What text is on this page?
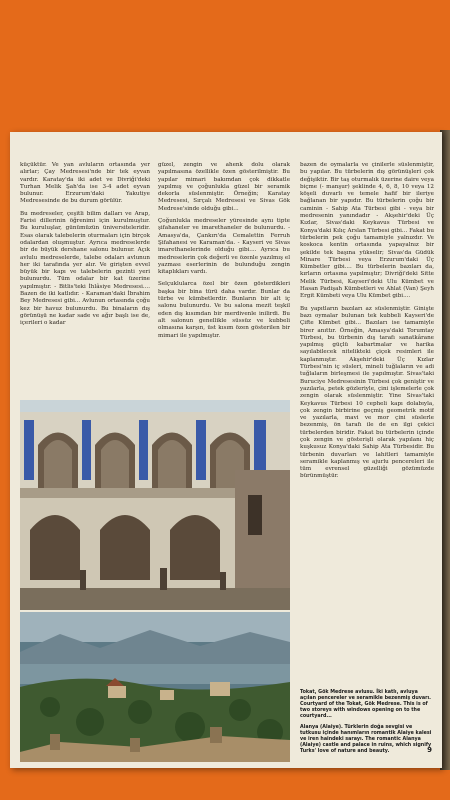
küçüktür. Ve yan avluların ortasında yer alırlar; Çay Medresesi'nde bir tek eyvan vardır. Karatay'da iki adet ve Divriği'deki Turhan Melik Şah'da ise 3-4 adet eyvan bulunur. Erzurum'daki Yakutiye Medresesinde de bu durum görülür.

Bu medreseler, çeşitli bilim dalları ve Arap, Farisi dillerinin öğrenimi için kurulmuştur. Bu kuruluşlar, günümüzün üniversiteleridir. Esas olarak talebelerin oturmaları için birçok odalardan oluşmuştur. Ayrıca medreselerde bir de büyük dershane salonu bulunur. Açık avlulu medreselerde, talebe odaları avlunun her iki tarafında yer alır. Ve girişten evvel büyük bir kapı ve talebelerin gezinti yeri bulunurdu. Tüm odalar bir kat üzerine yapılmıştır. - Bitlis'teki İhlâsiye Medresesi.... Bazen de iki katlıdır. - Karaman'daki İbrahim Bey Medresesi gibi... Avlunun ortasında çoğu kez bir havuz bulunurdu. Bu binaların dış görünüşü ne kadar sade ve ağır başlı ise de, içerileri o kadar

güzel, zengin ve ahenk dolu olarak yapılmasına özellikle özen gösterilmiştir. Bu yapılar mimari bakımdan çok dikkatle yapılmış ve çoğunlukla güzel bir seramik dekorla süslenmiştir. Örneğin; Karatay Medresesi, Sırçalı Medresesi ve Sivas Gök Medrese'sinde olduğu gibi...

Çoğunlukla medreseler yüresinde aynı tipte şifahaneler ve imarethaneler de bulunurdu. - Amasya'da, Çankırı'da Cemalettin Ferruh Şifahanesi ve Karaman'da. - Kayseri ve Sivas imarethanelerinde olduğu gibi.... Ayrıca bu medreselerin çok değerli ve özenle yazılmış el yazması eserlerinin de bulunduğu zengin kitaplıkları vardı.

Selçuklularca özel bir özen gösterdikleri başka bir bina türü daha vardır. Bunlar da türbe ve kümbetlerdir. Bunların bir alt iç salonu bulunurdu. Ve bu salona mezit teşkil eden dış kısımdan bir merdivenle inilirdi. Bu alt salonun genellikle süssüz ve kubbeli olmasına karşın, üst kısım özen gösterilen bir mimari ile yapılmıştır.

bazen de oymalarla ve çinilerle süslenmiştir, bu yapılar. Bu türbelerin dış görünüşleri çok değişiktir. Bir taş oturmalık üzerine daire veya biçme (- manşur) şeklinde 4, 6, 8, 10 veya 12 köşeli duvarlı ve temele hafif bir ileriye bağlanan bir yapıdır. Bu türbelerin çoğu bir caminin - Sahip Ata Türbesi gibi - veya bir medresenin yanındadır - Akşehir'deki Üç Kızlar, Sivas'daki Keykavus Türbesi ve Konya'daki Kılıç Arslan Türbesi gibi... Fakat bu türbelerin pek çoğu tamamiyle yalnızdır. Ve koskoca kentin ortasında yapayalnız bir şekilde tek başına yükselir; Sivas'da Güdük Minare Türbesi veya Erzurum'daki Üç Kümbetler gibi.... Bu türbelerin bazıları da, kırların ortasına yapılmıştır; Divriği'deki Sitte Melik Türbesi, Kayseri'deki Ulu Kümbet ve Hasan Padişah Kümbetleri ve Ahlat (Van) Şeyh Ergit Kümbeti veya Ulu Kümbet gibi....

Bu yapıtların bazıları az süslenmiştir. Ginişte bazı oymalar bulunan tek kubbeli Kayseri'de Çifte Kümbet gibi... Bazıları ise tamamiyle birer anıttır. Örneğin, Amasya'daki Torumtay Türbesi, bu türbenin dış tarafı sanatkârane yapılmış güçlü kabartmalar ve harika sayılabilecek nitelikteki çiçek resimleri ile kaplanmıştır. Akşehir'deki Üç Kızlar Türbesi'nin iç süsleri, mineli tuğlaların ve adi tuğlaların birleşmesi ile yapılmıştır. Sivas'taki Buruciye Medresesinin Türbesi çok geniştir ve yazılarla, petek gözleriyle, çini işlemelerle çok zengin olarak süslenmiştir. Yine Sivas'taki Keykavus Türbesi 10 cepheli kapı dolabıyla, çok zengin birbirine geçmiş geometrik motif ve yazılarla, mavi ve mor çini süslerle bezenmiş, ön tarafı ile de en ilgi çekici türbelerden biridir. Fakat bu türbelerin içinde çok zengin ve gösterişli olarak yapılanı hiç kuşkusuz Konya'daki Sahip Ata Türbesidir. Bu türbenin duvarları ve lahitleri tamamiyle seramikle kaplanmış ve ajurlu pencereleri ile tüm evrensel güzelliği gözümüzde bürünmüştür.

Tokat, Gök Medrese avlusu. İki katlı, avluya açılan pencereler ve seramikle bezenmiş duvarı. Courtyard of the Tokat, Gök Medrese. This is of two storeys with windows opening on to the courtyard...

Alanya (Alaiye). Türklerin doğa sevgisi ve tutkusu içinde hanımların romantik Alaiye kalesi ve iren haindeki sarayı. The romantic Alanya (Alaiye) castle and palace in ruins, which signify Turks' love of nature and beauty.	9
